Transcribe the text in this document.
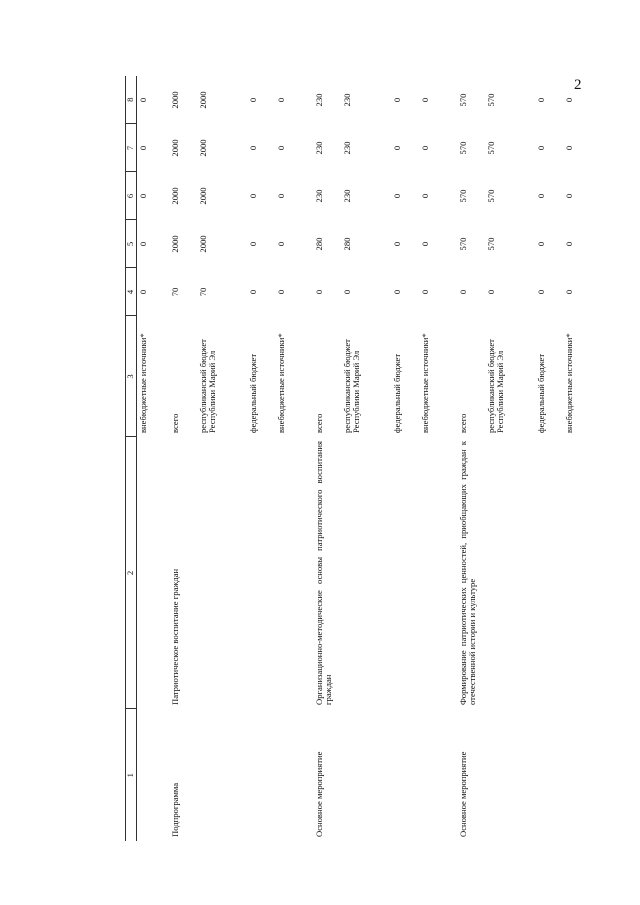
2
1	2	3	4	5	6	7	8
		внебюджетные источники*	0	0	0	0	0
Подпрограмма	Патриотическое воспитание граждан	всего	70	2000	2000	2000	2000
		республиканский бюджет Республики Марий Эл	70	2000	2000	2000	2000
		федеральный бюджет	0	0	0	0	0
		внебюджетные источники*	0	0	0	0	0
Основное мероприятие	Организационно-методические основы патриотического воспитания граждан	всего	0	280	230	230	230
		республиканский бюджет Республики Марий Эл	0	280	230	230	230
		федеральный бюджет	0	0	0	0	0
		внебюджетные источники*	0	0	0	0	0
Основное мероприятие	Формирование патриотических ценностей, приобщающих граждан к отечественной истории и культуре	всего	0	570	570	570	570
		республиканский бюджет Республики Марий Эл	0	570	570	570	570
		федеральный бюджет	0	0	0	0	0
		внебюджетные источники*	0	0	0	0	0
